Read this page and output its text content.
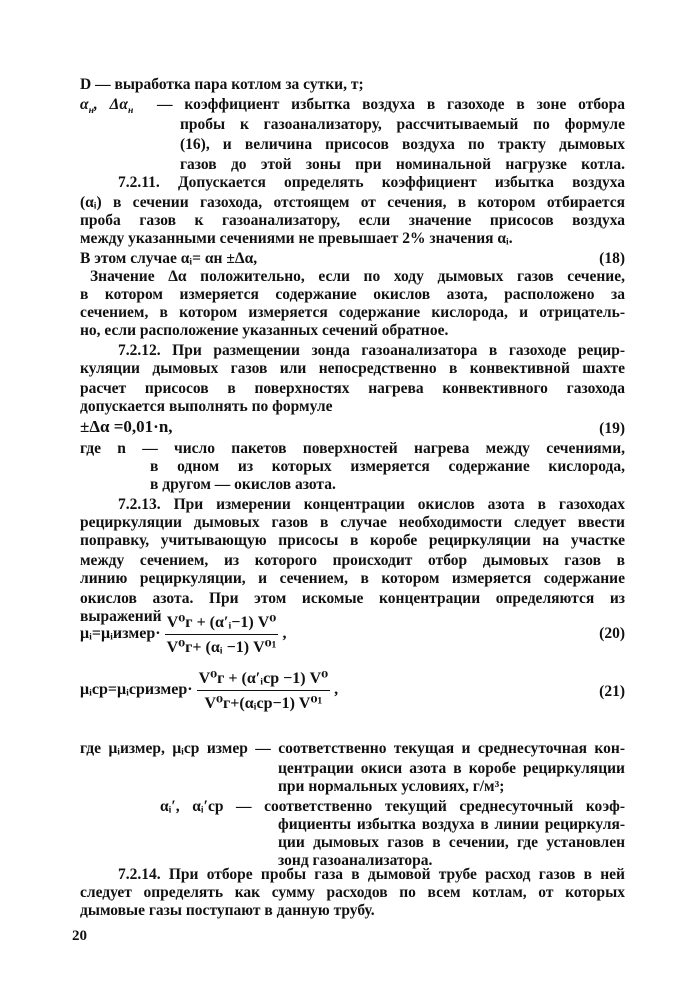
D — выработка пара котлом за сутки, т;
$\alpha_н$, $\Delta\alpha_н$ — коэффициент избытка воздуха в газоходе в зоне отбора
пробы к газоанализатору, рассчитываемый по формуле
(16), и величина присосов воздуха по тракту дымовых
газов до этой зоны при номинальной нагрузке котла.
7.2.11. Допускается определять коэффициент избытка воздуха
(αᵢ) в сечении газохода, отстоящем от сечения, в котором отбирается
проба газов к газоанализатору, если значение присосов воздуха
между указанными сечениями не превышает 2% значения αᵢ.
В этом случае αᵢ= αн ±Δα,	(18)
Значение Δα положительно, если по ходу дымовых газов сечение,
в котором измеряется содержание окислов азота, расположено за
сечением, в котором измеряется содержание кислорода, и отрицатель-
но, если расположение указанных сечений обратное.
7.2.12. При размещении зонда газоанализатора в газоходе рецир-
куляции дымовых газов или непосредственно в конвективной шахте
расчет присосов в поверхностях нагрева конвективного газохода
допускается выполнять по формуле
±Δα =0,01·n,	(19)
где n — число пакетов поверхностей нагрева между сечениями,
в одном из которых измеряется содержание кислорода,
в другом — окислов азота.
7.2.13. При измерении концентрации окислов азота в газоходах
рециркуляции дымовых газов в случае необходимости следует ввести
поправку, учитывающую присосы в коробе рециркуляции на участке
между сечением, из которого происходит отбор дымовых газов в
линию рециркуляции, и сечением, в котором измеряется содержание
окислов азота. При этом искомые концентрации определяются из
выражений
μᵢ=μᵢизмер· $\frac{\text{V⁰г + (α′ᵢ−1) V⁰}}{\text{V⁰г+ (αᵢ −1) V⁰¹}}$ ,	(20)
μᵢср=μᵢсризмер· $\frac{\text{V⁰г + (α′ᵢср −1) V⁰}}{\text{V⁰г+(αᵢср−1) V⁰¹}}$ ,	(21)
где μᵢизмер, μᵢср измер — соответственно текущая и среднесуточная кон-
центрации окиси азота в коробе рециркуляции
при нормальных условиях, г/м³;
αᵢ′, αᵢ′ср — соответственно текущий среднесуточный коэф-
фициенты избытка воздуха в линии рециркуля-
ции дымовых газов в сечении, где установлен
зонд газоанализатора.
7.2.14. При отборе пробы газа в дымовой трубе расход газов в ней
следует определять как сумму расходов по всем котлам, от которых
дымовые газы поступают в данную трубу.
20
